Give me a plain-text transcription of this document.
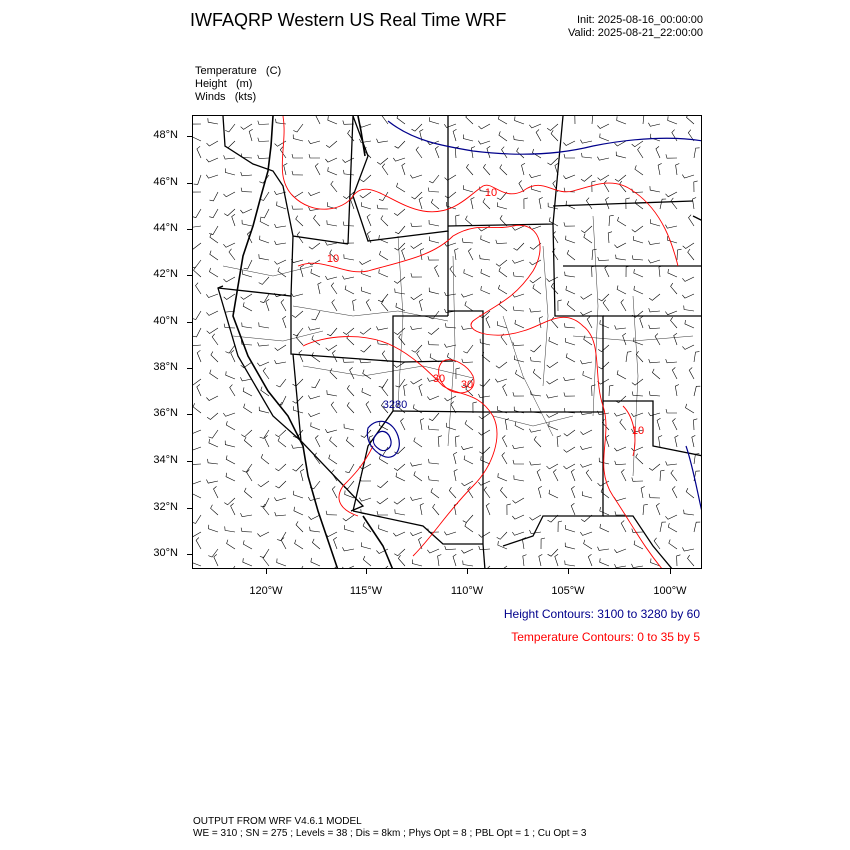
IWFAQRP Western US Real Time WRF	Init: 2025-08-16_00:00:00
Valid: 2025-08-21_22:00:00
Temperature   (C)
Height   (m)
Winds   (kts)
10
10
10
30 30
3280
48°N
46°N
44°N
42°N
40°N
38°N
36°N
34°N
32°N
30°N
120°W	115°W	110°W	105°W	100°W
Height Contours: 3100 to 3280 by 60
Temperature Contours: 0 to 35 by 5
OUTPUT FROM WRF V4.6.1 MODEL
WE = 310 ; SN = 275 ; Levels = 38 ; Dis = 8km ; Phys Opt = 8 ; PBL Opt = 1 ; Cu Opt = 3
